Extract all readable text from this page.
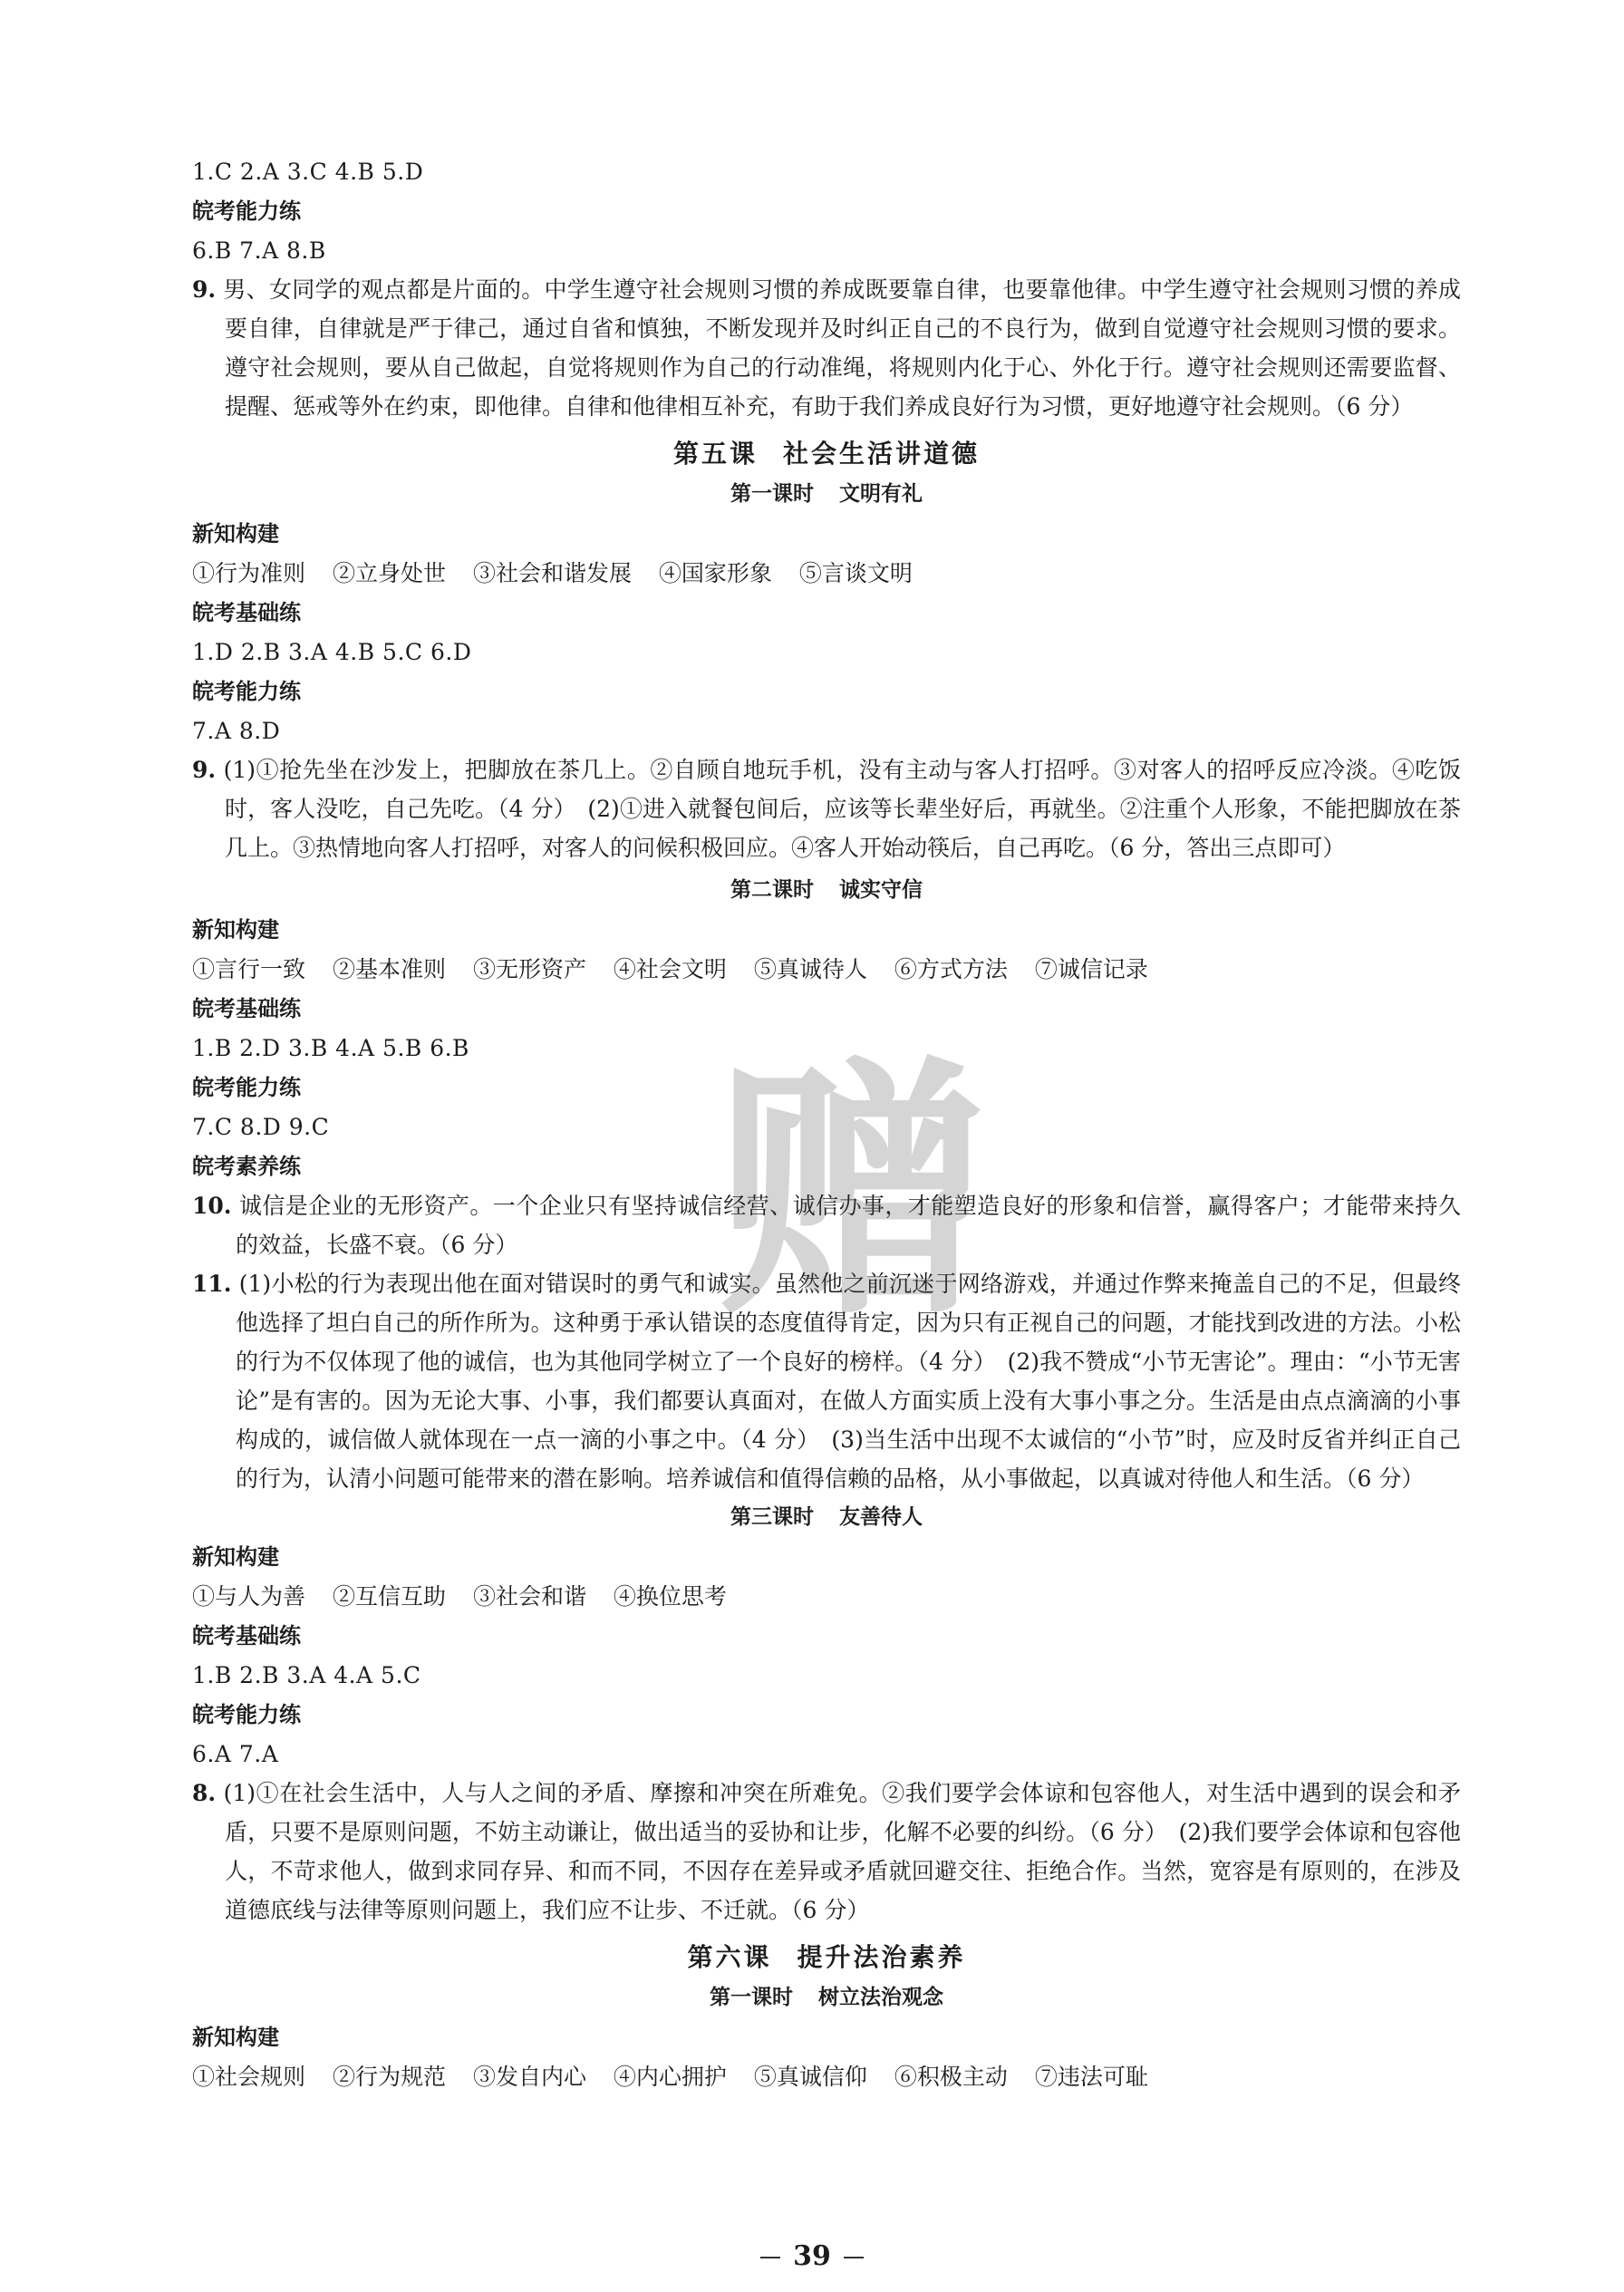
1.C 2.A 3.C 4.B 5.D
皖考能力练
6.B 7.A 8.B
9. 男、女同学的观点都是片面的。中学生遵守社会规则习惯的养成既要靠自律，也要靠他律。中学生遵守社会规则习惯的养成要自律，自律就是严于律己，通过自省和慎独，不断发现并及时纠正自己的不良行为，做到自觉遵守社会规则习惯的要求。遵守社会规则，要从自己做起，自觉将规则作为自己的行动准绳，将规则内化于心、外化于行。遵守社会规则还需要监督、提醒、惩戒等外在约束，即他律。自律和他律相互补充，有助于我们养成良好行为习惯，更好地遵守社会规则。（6 分）
第五课 社会生活讲道德
第一课时 文明有礼
新知构建
①行为准则 ②立身处世 ③社会和谐发展 ④国家形象 ⑤言谈文明
皖考基础练
1.D 2.B 3.A 4.B 5.C 6.D
皖考能力练
7.A 8.D
9. (1)①抢先坐在沙发上，把脚放在茶几上。②自顾自地玩手机，没有主动与客人打招呼。③对客人的招呼反应冷淡。④吃饭时，客人没吃，自己先吃。（4 分）　(2)①进入就餐包间后，应该等长辈坐好后，再就坐。②注重个人形象，不能把脚放在茶几上。③热情地向客人打招呼，对客人的问候积极回应。④客人开始动筷后，自己再吃。（6 分，答出三点即可）
第二课时 诚实守信
新知构建
①言行一致 ②基本准则 ③无形资产 ④社会文明 ⑤真诚待人 ⑥方式方法 ⑦诚信记录
皖考基础练
1.B 2.D 3.B 4.A 5.B 6.B
皖考能力练
7.C 8.D 9.C
皖考素养练
10. 诚信是企业的无形资产。一个企业只有坚持诚信经营、诚信办事，才能塑造良好的形象和信誉，赢得客户；才能带来持久的效益，长盛不衰。（6 分）
11. (1)小松的行为表现出他在面对错误时的勇气和诚实。虽然他之前沉迷于网络游戏，并通过作弊来掩盖自己的不足，但最终他选择了坦白自己的所作所为。这种勇于承认错误的态度值得肯定，因为只有正视自己的问题，才能找到改进的方法。小松的行为不仅体现了他的诚信，也为其他同学树立了一个良好的榜样。（4 分）　(2)我不赞成“小节无害论”。理由：“小节无害论”是有害的。因为无论大事、小事，我们都要认真面对，在做人方面实质上没有大事小事之分。生活是由点点滴滴的小事构成的，诚信做人就体现在一点一滴的小事之中。（4 分）　(3)当生活中出现不太诚信的“小节”时，应及时反省并纠正自己的行为，认清小问题可能带来的潜在影响。培养诚信和值得信赖的品格，从小事做起，以真诚对待他人和生活。（6 分）
第三课时 友善待人
新知构建
①与人为善 ②互信互助 ③社会和谐 ④换位思考
皖考基础练
1.B 2.B 3.A 4.A 5.C
皖考能力练
6.A 7.A
8. (1)①在社会生活中，人与人之间的矛盾、摩擦和冲突在所难免。②我们要学会体谅和包容他人，对生活中遇到的误会和矛盾，只要不是原则问题，不妨主动谦让，做出适当的妥协和让步，化解不必要的纠纷。（6 分）　(2)我们要学会体谅和包容他人，不苛求他人，做到求同存异、和而不同，不因存在差异或矛盾就回避交往、拒绝合作。当然，宽容是有原则的，在涉及道德底线与法律等原则问题上，我们应不让步、不迁就。（6 分）
第六课 提升法治素养
第一课时 树立法治观念
新知构建
①社会规则 ②行为规范 ③发自内心 ④内心拥护 ⑤真诚信仰 ⑥积极主动 ⑦违法可耻
赠
39
